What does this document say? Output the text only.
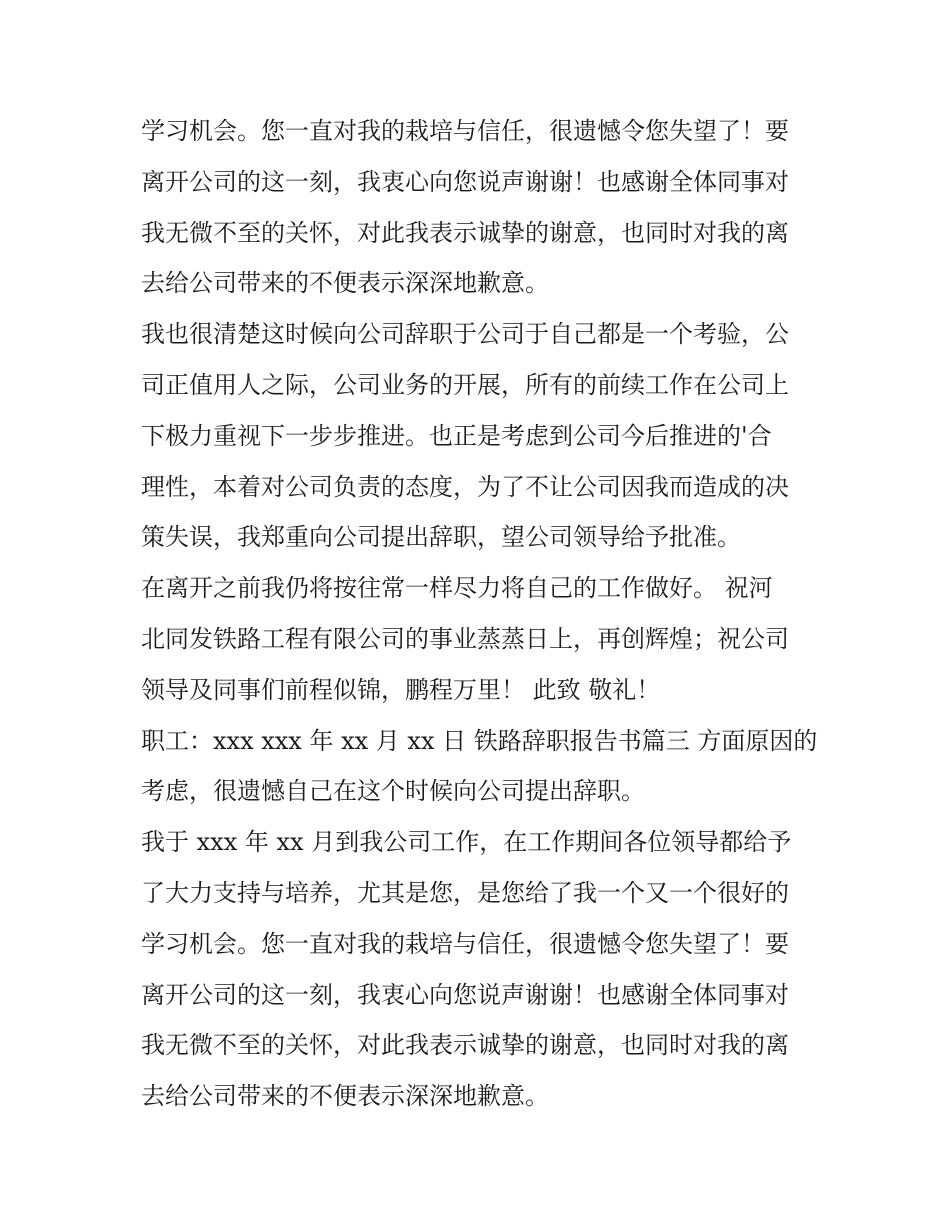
学习机会。您一直对我的栽培与信任，很遗憾令您失望了！要
离开公司的这一刻，我衷心向您说声谢谢！也感谢全体同事对
我无微不至的关怀，对此我表示诚挚的谢意，也同时对我的离
去给公司带来的不便表示深深地歉意。
我也很清楚这时候向公司辞职于公司于自己都是一个考验，公
司正值用人之际，公司业务的开展，所有的前续工作在公司上
下极力重视下一步步推进。也正是考虑到公司今后推进的'合
理性，本着对公司负责的态度，为了不让公司因我而造成的决
策失误，我郑重向公司提出辞职，望公司领导给予批准。
在离开之前我仍将按往常一样尽力将自己的工作做好。 祝河
北同发铁路工程有限公司的事业蒸蒸日上，再创辉煌；祝公司
领导及同事们前程似锦，鹏程万里！ 此致 敬礼！
职工：xxx xxx 年 xx 月 xx 日 铁路辞职报告书篇三 方面原因的
考虑，很遗憾自己在这个时候向公司提出辞职。
我于 xxx 年 xx 月到我公司工作，在工作期间各位领导都给予
了大力支持与培养，尤其是您，是您给了我一个又一个很好的
学习机会。您一直对我的栽培与信任，很遗憾令您失望了！要
离开公司的这一刻，我衷心向您说声谢谢！也感谢全体同事对
我无微不至的关怀，对此我表示诚挚的谢意，也同时对我的离
去给公司带来的不便表示深深地歉意。
